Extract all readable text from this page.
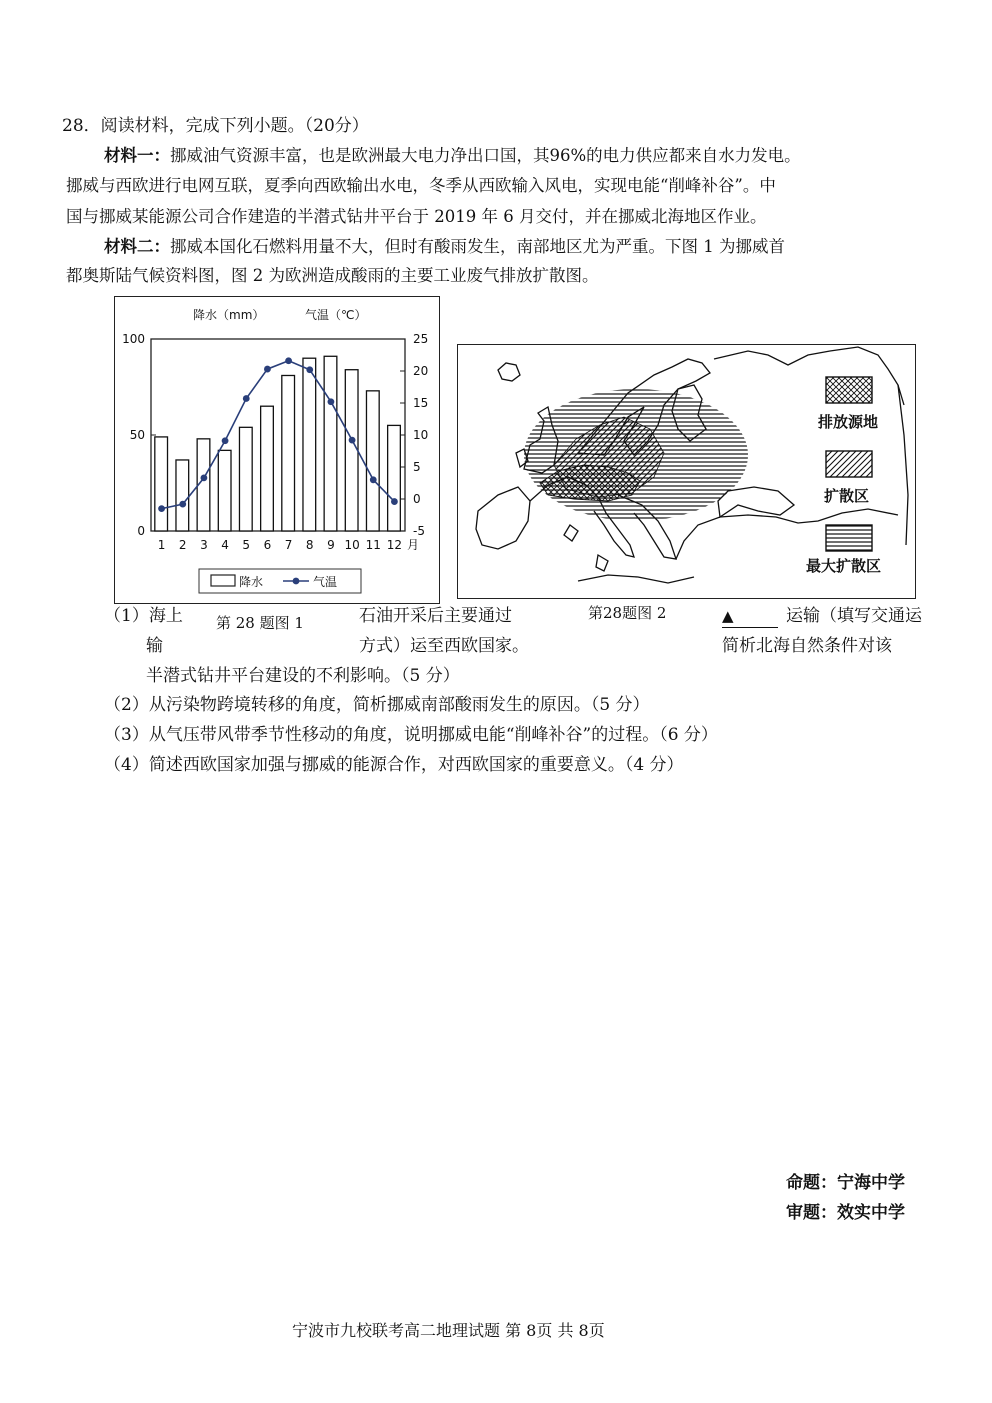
28．阅读材料，完成下列小题。（20分）
材料一：挪威油气资源丰富，也是欧洲最大电力净出口国，其96%的电力供应都来自水力发电。
挪威与西欧进行电网互联，夏季向西欧输出水电，冬季从西欧输入风电，实现电能“削峰补谷”。中
国与挪威某能源公司合作建造的半潜式钻井平台于 2019 年 6 月交付，并在挪威北海地区作业。
材料二：挪威本国化石燃料用量不大，但时有酸雨发生，南部地区尤为严重。下图 1 为挪威首
都奥斯陆气候资料图，图 2 为欧洲造成酸雨的主要工业废气排放扩散图。
降水（mm）	气温（℃）
0
50
100
-5
0
5
10
15
20
25
1 2 3 4 5 6 7 8 9 10 11 12 月
降水	气温
排放源地
扩散区
最大扩散区
（1）海上
输
第 28 题图 1	石油开采后主要通过
方式）运至西欧国家。
第28题图 2	▲	运输（填写交通运
简析北海自然条件对该
半潜式钻井平台建设的不利影响。（5 分）
（2）从污染物跨境转移的角度，简析挪威南部酸雨发生的原因。（5 分）
（3）从气压带风带季节性移动的角度，说明挪威电能“削峰补谷”的过程。（6 分）
（4）简述西欧国家加强与挪威的能源合作，对西欧国家的重要意义。（4 分）
命题：宁海中学
审题：效实中学
宁波市九校联考高二地理试题 第 8页 共 8页
